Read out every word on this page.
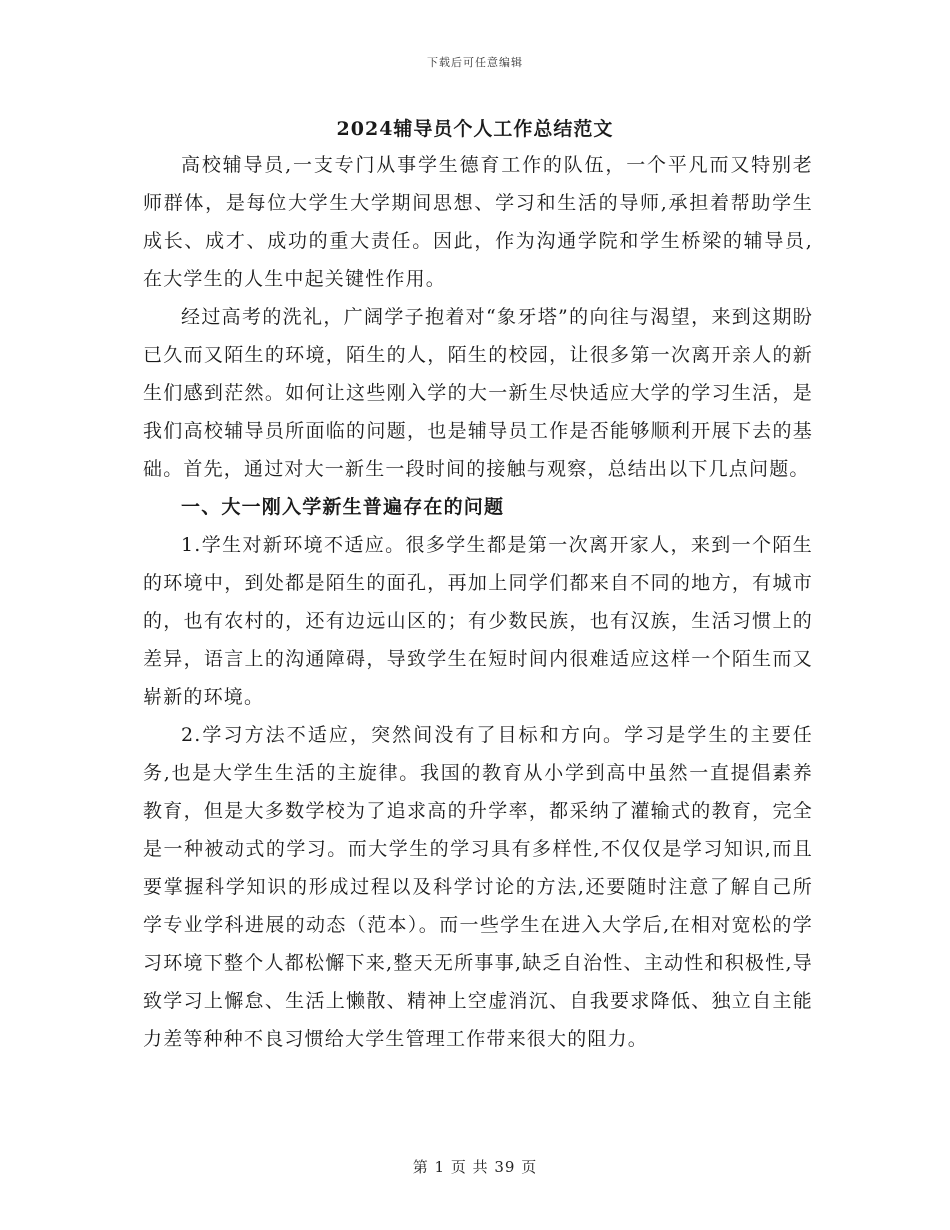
下载后可任意编辑
2024辅导员个人工作总结范文

高校辅导员,一支专门从事学生德育工作的队伍，一个平凡而又特别老师群体，是每位大学生大学期间思想、学习和生活的导师,承担着帮助学生成长、成才、成功的重大责任。因此，作为沟通学院和学生桥梁的辅导员,在大学生的人生中起关键性作用。

经过高考的洗礼，广阔学子抱着对“象牙塔”的向往与渴望，来到这期盼已久而又陌生的环境，陌生的人，陌生的校园，让很多第一次离开亲人的新生们感到茫然。如何让这些刚入学的大一新生尽快适应大学的学习生活，是我们高校辅导员所面临的问题，也是辅导员工作是否能够顺利开展下去的基础。首先，通过对大一新生一段时间的接触与观察，总结出以下几点问题。

一、大一刚入学新生普遍存在的问题

1.学生对新环境不适应。很多学生都是第一次离开家人，来到一个陌生的环境中，到处都是陌生的面孔，再加上同学们都来自不同的地方，有城市的，也有农村的，还有边远山区的；有少数民族，也有汉族，生活习惯上的差异，语言上的沟通障碍，导致学生在短时间内很难适应这样一个陌生而又崭新的环境。

2.学习方法不适应，突然间没有了目标和方向。学习是学生的主要任务,也是大学生生活的主旋律。我国的教育从小学到高中虽然一直提倡素养教育，但是大多数学校为了追求高的升学率，都采纳了灌输式的教育，完全是一种被动式的学习。而大学生的学习具有多样性,不仅仅是学习知识,而且要掌握科学知识的形成过程以及科学讨论的方法,还要随时注意了解自己所学专业学科进展的动态（范本）。而一些学生在进入大学后,在相对宽松的学习环境下整个人都松懈下来,整天无所事事,缺乏自治性、主动性和积极性,导致学习上懈怠、生活上懒散、精神上空虚消沉、自我要求降低、独立自主能力差等种种不良习惯给大学生管理工作带来很大的阻力。

第 1 页 共 39 页
